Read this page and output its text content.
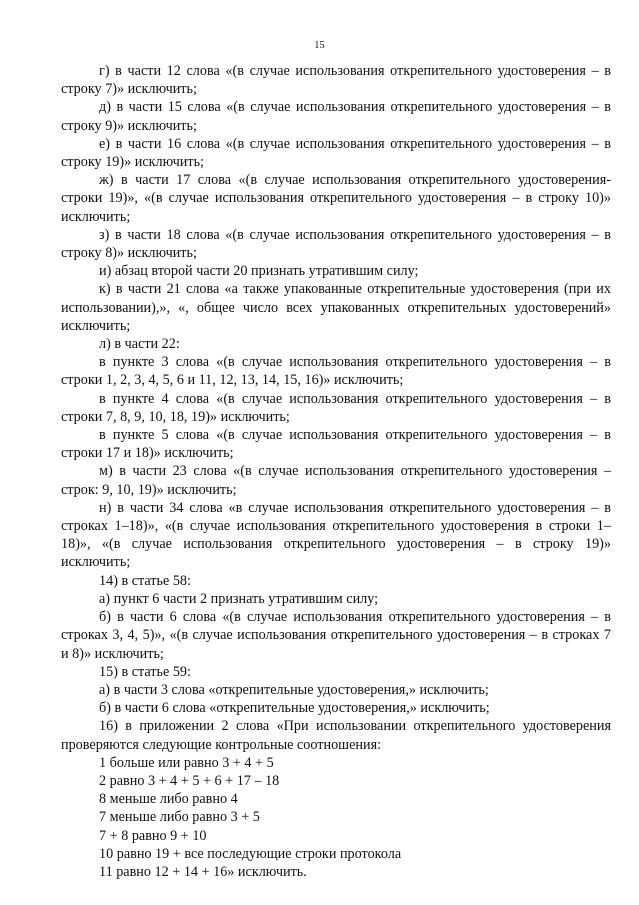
15

г) в части 12 слова «(в случае использования открепительного удостоверения – в строку 7)» исключить;

д) в части 15 слова «(в случае использования открепительного удостоверения – в строку 9)» исключить;

е) в части 16 слова «(в случае использования открепительного удостоверения – в строку 19)» исключить;

ж) в части 17 слова «(в случае использования открепительного удостоверения- строки 19)», «(в случае использования открепительного удостоверения – в строку 10)» исключить;

з) в части 18 слова «(в случае использования открепительного удостоверения – в строку 8)» исключить;

и) абзац второй части 20 признать утратившим силу;

к) в части 21 слова «а также упакованные открепительные удостоверения (при их использовании),», «, общее число всех упакованных открепительных удостоверений» исключить;

л) в части 22:

в пункте 3 слова «(в случае использования открепительного удостоверения – в строки 1, 2, 3, 4, 5, 6 и 11, 12, 13, 14, 15, 16)» исключить;

в пункте 4 слова «(в случае использования открепительного удостоверения – в строки 7, 8, 9, 10, 18, 19)» исключить;

в пункте 5 слова «(в случае использования открепительного удостоверения – в строки 17 и 18)» исключить;

м) в части 23 слова «(в случае использования открепительного удостоверения – строк: 9, 10, 19)» исключить;

н) в части 34 слова «в случае использования открепительного удостоверения – в строках 1–18)», «(в случае использования открепительного удостоверения в строки 1–18)», «(в случае использования открепительного удостоверения – в строку 19)» исключить;

14) в статье 58:

а) пункт 6 части 2 признать утратившим силу;

б) в части 6 слова «(в случае использования открепительного удостоверения – в строках 3, 4, 5)», «(в случае использования открепительного удостоверения – в строках 7 и 8)» исключить;

15) в статье 59:

а) в части 3 слова «открепительные удостоверения,» исключить;

б) в части 6 слова «открепительные удостоверения,» исключить;

16) в приложении 2 слова «При использовании открепительного удостоверения проверяются следующие контрольные соотношения:

1 больше или равно 3 + 4 + 5

2 равно 3 + 4 + 5 + 6 + 17 – 18

8 меньше либо равно 4

7 меньше либо равно 3 + 5

7 + 8 равно 9 + 10

10 равно 19 + все последующие строки протокола

11 равно 12 + 14 + 16» исключить.
